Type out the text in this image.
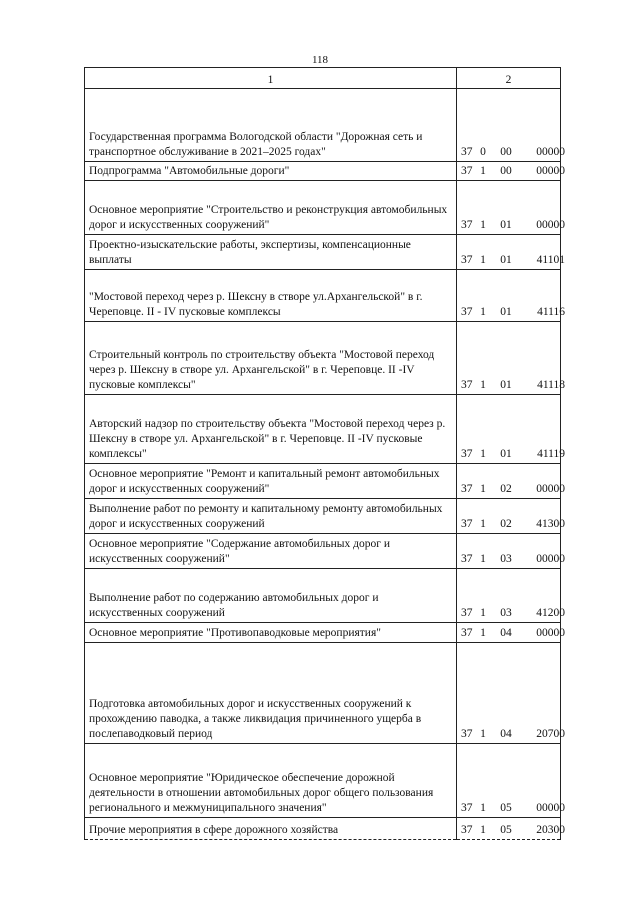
118
1	2
Государственная программа Вологодской области "Дорожная сеть и транспортное обслуживание в 2021–2025 годах"	37 0 00 00000
Подпрограмма "Автомобильные дороги"	37 1 00 00000
Основное мероприятие "Строительство и реконструкция автомобильных дорог и искусственных сооружений"	37 1 01 00000
Проектно-изыскательские работы, экспертизы, компенсационные выплаты	37 1 01 41101
"Мостовой переход через р. Шексну в створе ул.Архангельской" в г. Череповце. II - IV пусковые комплексы	37 1 01 41116
Строительный контроль по строительству объекта "Мостовой переход через р. Шексну в створе ул. Архангельской" в г. Череповце. II -IV пусковые комплексы"	37 1 01 41118
Авторский надзор по строительству объекта "Мостовой переход через р. Шексну в створе ул. Архангельской" в г. Череповце. II -IV пусковые комплексы"	37 1 01 41119
Основное мероприятие "Ремонт и капитальный ремонт автомобильных дорог и искусственных сооружений"	37 1 02 00000
Выполнение работ по ремонту и капитальному ремонту автомобильных дорог и искусственных сооружений	37 1 02 41300
Основное мероприятие "Содержание автомобильных дорог и искусственных сооружений"	37 1 03 00000
Выполнение работ по содержанию автомобильных дорог и искусственных сооружений	37 1 03 41200
Основное мероприятие "Противопаводковые мероприятия"	37 1 04 00000
Подготовка автомобильных дорог и искусственных сооружений к прохождению паводка, а также ликвидация причиненного ущерба в послепаводковый период	37 1 04 20700
Основное мероприятие "Юридическое обеспечение дорожной деятельности в отношении автомобильных дорог общего пользования регионального и межмуниципального значения"	37 1 05 00000
Прочие мероприятия в сфере дорожного хозяйства	37 1 05 20300
